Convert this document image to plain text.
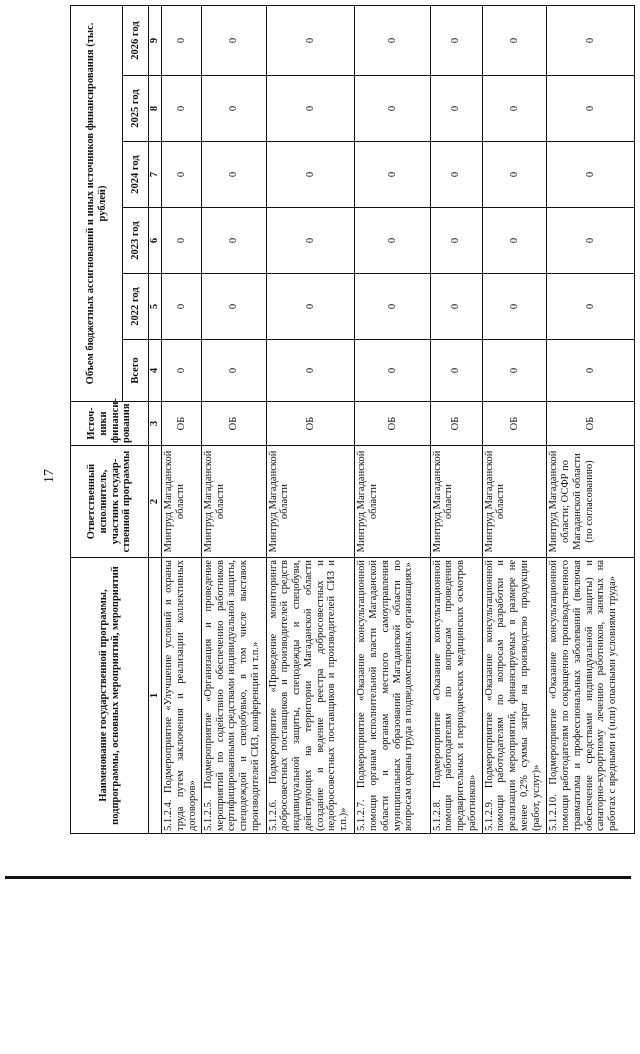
17
Наименование государственной программы, подпрограммы, основных мероприятий, мероприятий	Ответственный исполнитель, участник государ-ственной программы	Источ-ники финанси-рования	Объем бюджетных ассигнований и иных источников финансирования (тыс. рублей)					
			Всего	2022 год	2023 год	2024 год	2025 год	2026 год
1	2	3	4	5	6	7	8	9
5.1.2.4. Подмероприятие «Улучшение условий и охраны труда путем заключения и реализации коллективных договоров»	Минтруд Магаданской области	ОБ	0	0	0	0	0	0
5.1.2.5. Подмероприятие «Организация и проведение мероприятий по содействию обеспечению работников сертифицированными средствами индивидуальной защиты, спецодеждой и спецобувью, в том числе выставок производителей СИЗ, конференций и т.п.»	Минтруд Магаданской области	ОБ	0	0	0	0	0	0
5.1.2.6. Подмероприятие «Проведение мониторинга добросовестных поставщиков и производителей средств индивидуальной защиты, спецодежды и спецобуви, действующих на территории Магаданской области (создание и ведение реестра добросовестных и недобросовестных поставщиков и производителей СИЗ и т.п.)»	Минтруд Магаданской области	ОБ	0	0	0	0	0	0
5.1.2.7. Подмероприятие «Оказание консультационной помощи органам исполнительной власти Магаданской области и органам местного самоуправления муниципальных образований Магаданской области по вопросам охраны труда в подведомственных организациях»	Минтруд Магаданской области	ОБ	0	0	0	0	0	0
5.1.2.8. Подмероприятие «Оказание консультационной помощи работодателям по вопросам проведения предварительных и периодических медицинских осмотров работников»	Минтруд Магаданской области	ОБ	0	0	0	0	0	0
5.1.2.9. Подмероприятие «Оказание консультационной помощи работодателям по вопросам разработки и реализации мероприятий, финансируемых в размере не менее 0,2% суммы затрат на производство продукции (работ, услуг)»	Минтруд Магаданской области	ОБ	0	0	0	0	0	0
5.1.2.10. Подмероприятие «Оказание консультационной помощи работодателям по сокращению производственного травматизма и профессиональных заболеваний (включая обеспечение средствами индивидуальной защиты) и санаторно-курортному лечению работников, занятых на работах с вредными и (или) опасными условиями труда»	Минтруд Магаданской области; ОСФР по Магаданской области (по согласованию)	ОБ	0	0	0	0	0	0
